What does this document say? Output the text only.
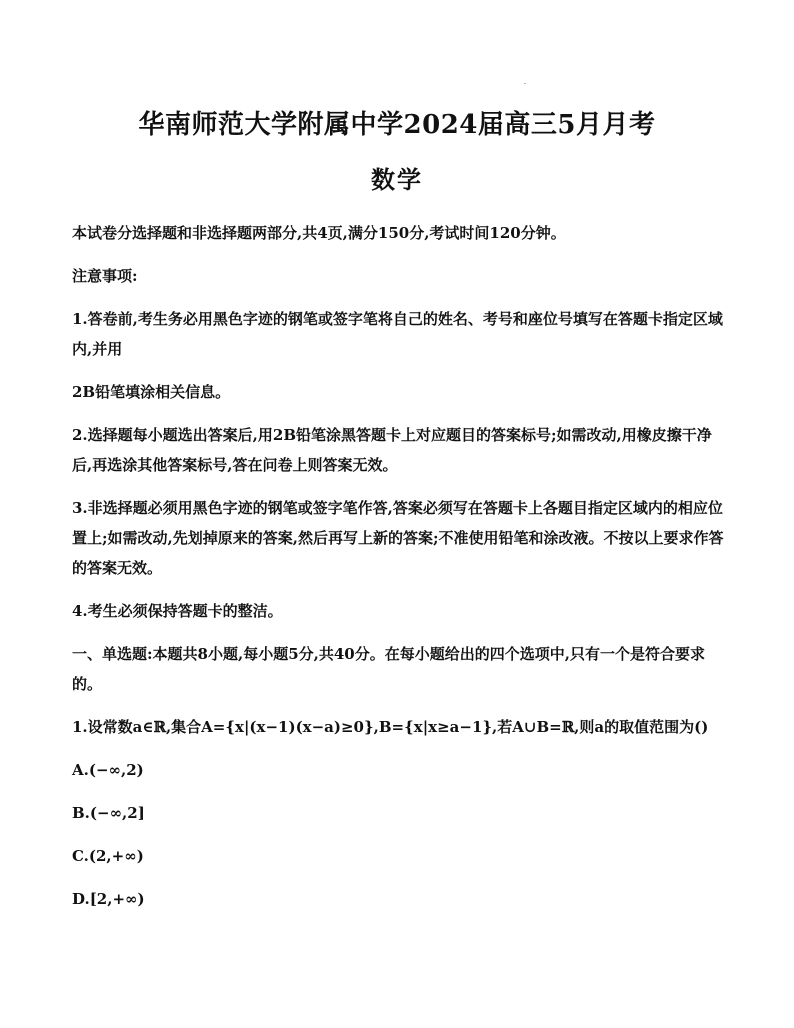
华南师范大学附属中学2024届高三5月月考
数学

本试卷分选择题和非选择题两部分,共4页,满分150分,考试时间120分钟。

注意事项:

1.答卷前,考生务必用黑色字迹的钢笔或签字笔将自己的姓名、考号和座位号填写在答题卡指定区域内,并用

2B铅笔填涂相关信息。

2.选择题每小题选出答案后,用2B铅笔涂黑答题卡上对应题目的答案标号;如需改动,用橡皮擦干净后,再选涂其他答案标号,答在问卷上则答案无效。

3.非选择题必须用黑色字迹的钢笔或签字笔作答,答案必须写在答题卡上各题目指定区域内的相应位置上;如需改动,先划掉原来的答案,然后再写上新的答案;不准使用铅笔和涂改液。不按以上要求作答的答案无效。

4.考生必须保持答题卡的整洁。

一、单选题:本题共8小题,每小题5分,共40分。在每小题给出的四个选项中,只有一个是符合要求的。

1.设常数a∈ℝ,集合A={x|(x−1)(x−a)≥0},B={x|x≥a−1},若A∪B=ℝ,则a的取值范围为()

A.(−∞,2)

B.(−∞,2]

C.(2,+∞)

D.[2,+∞)
